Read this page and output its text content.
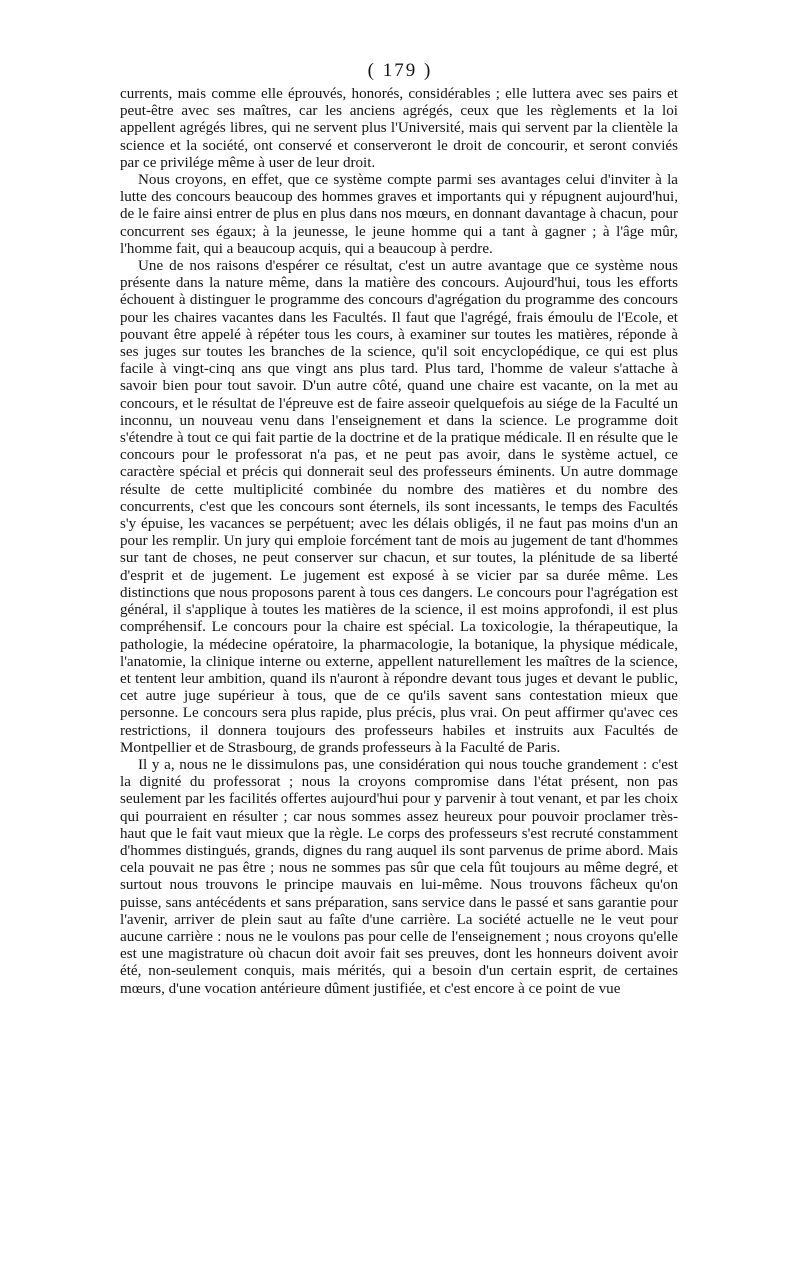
( 179 )

currents, mais comme elle éprouvés, honorés, considérables ; elle luttera avec ses pairs et peut-être avec ses maîtres, car les anciens agrégés, ceux que les règlements et la loi appellent agrégés libres, qui ne servent plus l'Université, mais qui servent par la clientèle la science et la société, ont conservé et conserveront le droit de concourir, et seront conviés par ce privilége même à user de leur droit.

Nous croyons, en effet, que ce système compte parmi ses avantages celui d'inviter à la lutte des concours beaucoup des hommes graves et importants qui y répugnent aujourd'hui, de le faire ainsi entrer de plus en plus dans nos mœurs, en donnant davantage à chacun, pour concurrent ses égaux; à la jeunesse, le jeune homme qui a tant à gagner ; à l'âge mûr, l'homme fait, qui a beaucoup acquis, qui a beaucoup à perdre.

Une de nos raisons d'espérer ce résultat, c'est un autre avantage que ce système nous présente dans la nature même, dans la matière des concours. Aujourd'hui, tous les efforts échouent à distinguer le programme des concours d'agrégation du programme des concours pour les chaires vacantes dans les Facultés. Il faut que l'agrégé, frais émoulu de l'Ecole, et pouvant être appelé à répéter tous les cours, à examiner sur toutes les matières, réponde à ses juges sur toutes les branches de la science, qu'il soit encyclopédique, ce qui est plus facile à vingt-cinq ans que vingt ans plus tard. Plus tard, l'homme de valeur s'attache à savoir bien pour tout savoir. D'un autre côté, quand une chaire est vacante, on la met au concours, et le résultat de l'épreuve est de faire asseoir quelquefois au siége de la Faculté un inconnu, un nouveau venu dans l'enseignement et dans la science. Le programme doit s'étendre à tout ce qui fait partie de la doctrine et de la pratique médicale. Il en résulte que le concours pour le professorat n'a pas, et ne peut pas avoir, dans le système actuel, ce caractère spécial et précis qui donnerait seul des professeurs éminents. Un autre dommage résulte de cette multiplicité combinée du nombre des matières et du nombre des concurrents, c'est que les concours sont éternels, ils sont incessants, le temps des Facultés s'y épuise, les vacances se perpétuent; avec les délais obligés, il ne faut pas moins d'un an pour les remplir. Un jury qui emploie forcément tant de mois au jugement de tant d'hommes sur tant de choses, ne peut conserver sur chacun, et sur toutes, la plénitude de sa liberté d'esprit et de jugement. Le jugement est exposé à se vicier par sa durée même. Les distinctions que nous proposons parent à tous ces dangers. Le concours pour l'agrégation est général, il s'applique à toutes les matières de la science, il est moins approfondi, il est plus compréhensif. Le concours pour la chaire est spécial. La toxicologie, la thérapeutique, la pathologie, la médecine opératoire, la pharmacologie, la botanique, la physique médicale, l'anatomie, la clinique interne ou externe, appellent naturellement les maîtres de la science, et tentent leur ambition, quand ils n'auront à répondre devant tous juges et devant le public, cet autre juge supérieur à tous, que de ce qu'ils savent sans contestation mieux que personne. Le concours sera plus rapide, plus précis, plus vrai. On peut affirmer qu'avec ces restrictions, il donnera toujours des professeurs habiles et instruits aux Facultés de Montpellier et de Strasbourg, de grands professeurs à la Faculté de Paris.

Il y a, nous ne le dissimulons pas, une considération qui nous touche grandement : c'est la dignité du professorat ; nous la croyons compromise dans l'état présent, non pas seulement par les facilités offertes aujourd'hui pour y parvenir à tout venant, et par les choix qui pourraient en résulter ; car nous sommes assez heureux pour pouvoir proclamer très-haut que le fait vaut mieux que la règle. Le corps des professeurs s'est recruté constamment d'hommes distingués, grands, dignes du rang auquel ils sont parvenus de prime abord. Mais cela pouvait ne pas être ; nous ne sommes pas sûr que cela fût toujours au même degré, et surtout nous trouvons le principe mauvais en lui-même. Nous trouvons fâcheux qu'on puisse, sans antécédents et sans préparation, sans service dans le passé et sans garantie pour l'avenir, arriver de plein saut au faîte d'une carrière. La société actuelle ne le veut pour aucune carrière : nous ne le voulons pas pour celle de l'enseignement ; nous croyons qu'elle est une magistrature où chacun doit avoir fait ses preuves, dont les honneurs doivent avoir été, non-seulement conquis, mais mérités, qui a besoin d'un certain esprit, de certaines mœurs, d'une vocation antérieure dûment justifiée, et c'est encore à ce point de vue
